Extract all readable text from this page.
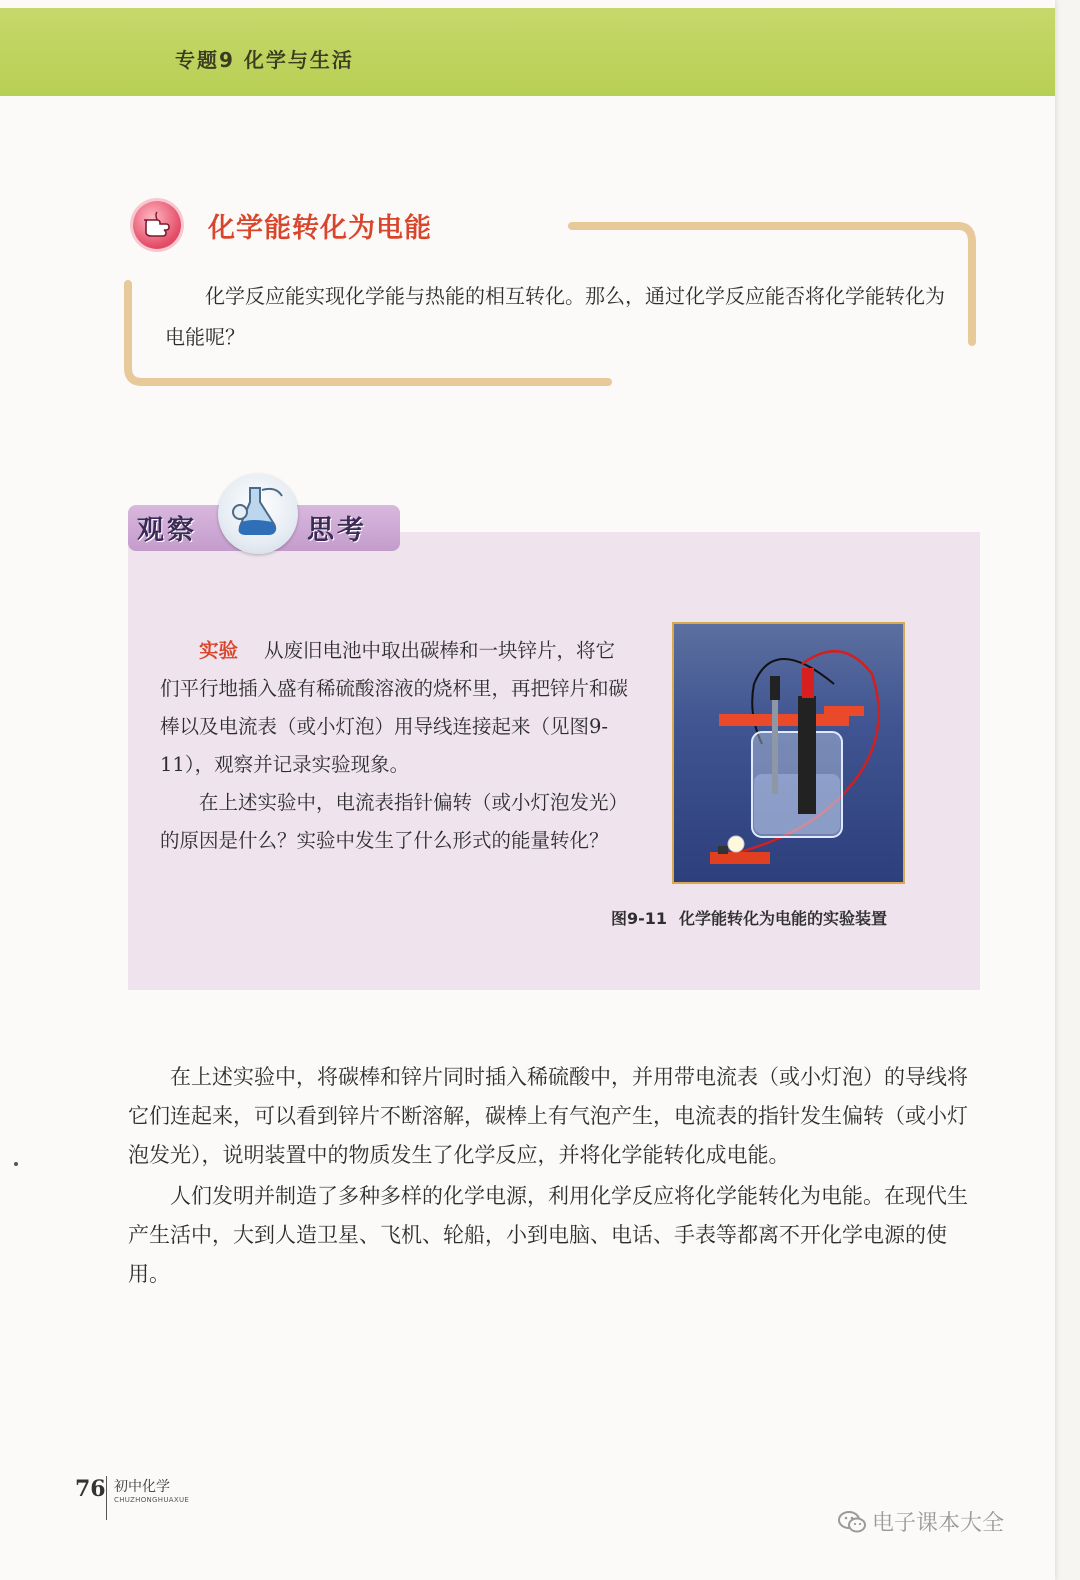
专题9 化学与生活
化学能转化为电能

化学反应能实现化学能与热能的相互转化。那么，通过化学反应能否将化学能转化为电能呢？

观察	思考

实验 从废旧电池中取出碳棒和一块锌片，将它们平行地插入盛有稀硫酸溶液的烧杯里，再把锌片和碳棒以及电流表（或小灯泡）用导线连接起来（见图9-11），观察并记录实验现象。

在上述实验中，电流表指针偏转（或小灯泡发光）的原因是什么？实验中发生了什么形式的能量转化？

图9-11 化学能转化为电能的实验装置

在上述实验中，将碳棒和锌片同时插入稀硫酸中，并用带电流表（或小灯泡）的导线将它们连起来，可以看到锌片不断溶解，碳棒上有气泡产生，电流表的指针发生偏转（或小灯泡发光），说明装置中的物质发生了化学反应，并将化学能转化成电能。

人们发明并制造了多种多样的化学电源，利用化学反应将化学能转化为电能。在现代生产生活中，大到人造卫星、飞机、轮船，小到电脑、电话、手表等都离不开化学电源的使用。

76 初中化学
CHUZHONGHUAXUE
电子课本大全
